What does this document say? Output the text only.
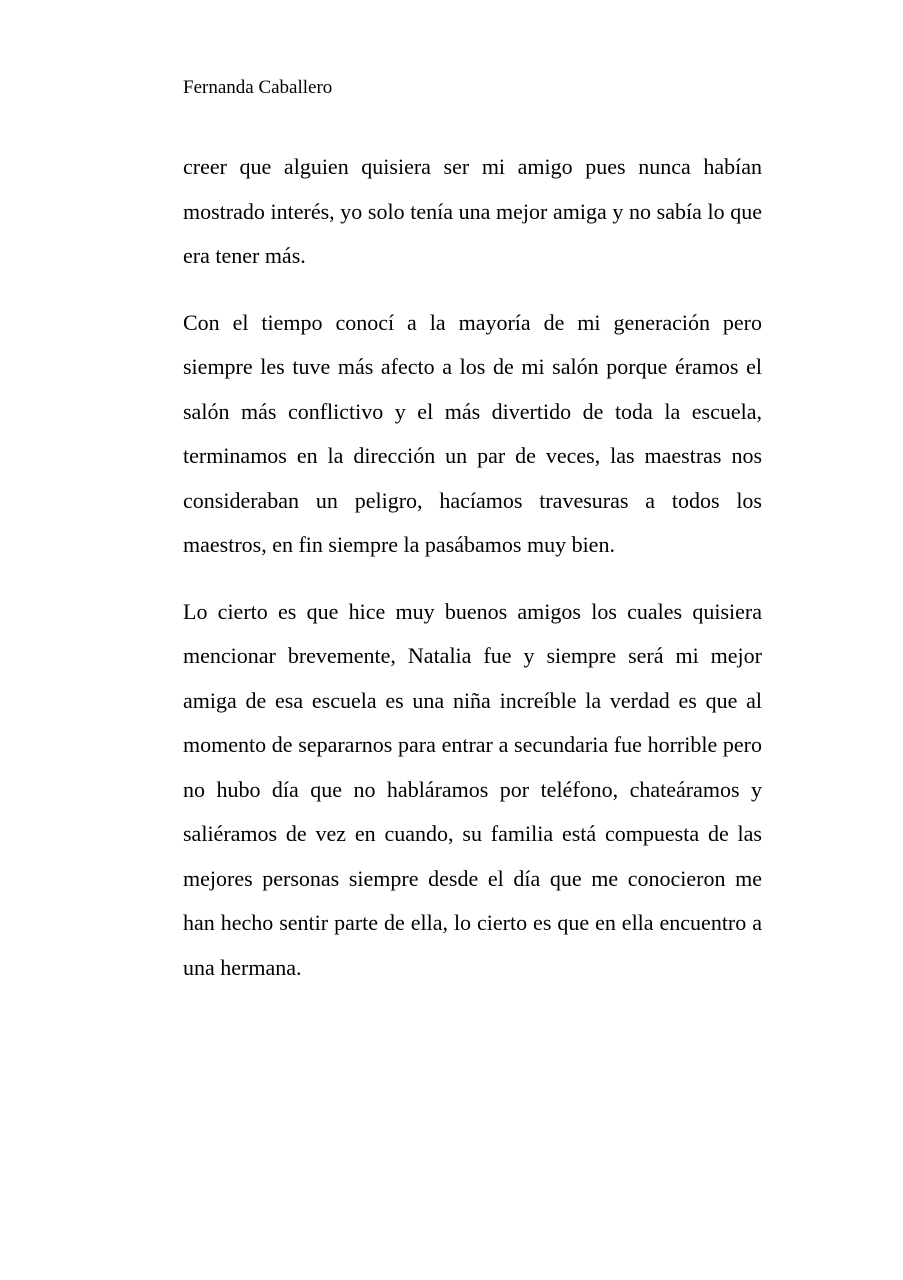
Fernanda Caballero

creer que alguien quisiera ser mi amigo pues nunca habían mostrado interés, yo solo tenía una mejor amiga y no sabía lo que era tener más.

Con el tiempo conocí a la mayoría de mi generación pero siempre les tuve más afecto a los de mi salón porque éramos el salón más conflictivo y el más divertido de toda la escuela, terminamos en la dirección un par de veces, las maestras nos consideraban un peligro, hacíamos travesuras a todos los maestros, en fin siempre la pasábamos muy bien.

Lo cierto es que hice muy buenos amigos los cuales quisiera mencionar brevemente, Natalia fue y siempre será mi mejor amiga de esa escuela es una niña increíble la verdad es que al momento de separarnos para entrar a secundaria fue horrible pero no hubo día que no habláramos por teléfono, chateáramos y saliéramos de vez en cuando, su familia está compuesta de las mejores personas siempre desde el día que me conocieron me han hecho sentir parte de ella, lo cierto es que en ella encuentro a una hermana.
